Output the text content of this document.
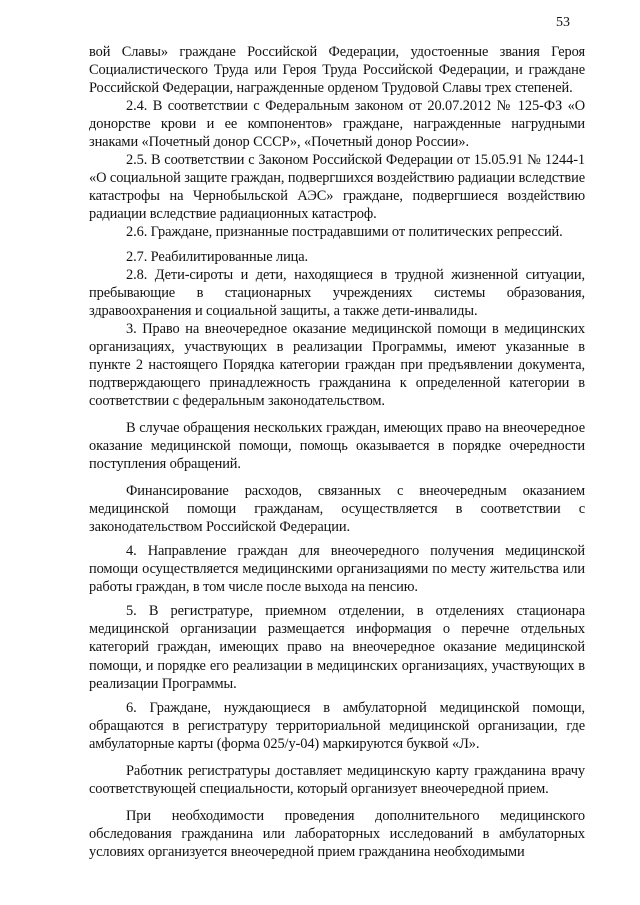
53

вой Славы» граждане Российской Федерации, удостоенные звания Героя Социалистического Труда или Героя Труда Российской Федерации, и граждане Российской Федерации, награжденные орденом Трудовой Славы трех степеней.

2.4. В соответствии с Федеральным законом от 20.07.2012 № 125-ФЗ «О донорстве крови и ее компонентов» граждане, награжденные нагрудными знаками «Почетный донор СССР», «Почетный донор России».

2.5. В соответствии с Законом Российской Федерации от 15.05.91 № 1244-1 «О социальной защите граждан, подвергшихся воздействию радиации вследствие катастрофы на Чернобыльской АЭС» граждане, подвергшиеся воздействию радиации вследствие радиационных катастроф.

2.6. Граждане, признанные пострадавшими от политических репрессий.

2.7. Реабилитированные лица.

2.8. Дети-сироты и дети, находящиеся в трудной жизненной ситуации, пребывающие в стационарных учреждениях системы образования, здравоохранения и социальной защиты, а также дети-инвалиды.

3. Право на внеочередное оказание медицинской помощи в медицинских организациях, участвующих в реализации Программы, имеют указанные в пункте 2 настоящего Порядка категории граждан при предъявлении документа, подтверждающего принадлежность гражданина к определенной категории в соответствии с федеральным законодательством.

В случае обращения нескольких граждан, имеющих право на внеочередное оказание медицинской помощи, помощь оказывается в порядке очередности поступления обращений.

Финансирование расходов, связанных с внеочередным оказанием медицинской помощи гражданам, осуществляется в соответствии с законодательством Российской Федерации.

4. Направление граждан для внеочередного получения медицинской помощи осуществляется медицинскими организациями по месту жительства или работы граждан, в том числе после выхода на пенсию.

5. В регистратуре, приемном отделении, в отделениях стационара медицинской организации размещается информация о перечне отдельных категорий граждан, имеющих право на внеочередное оказание медицинской помощи, и порядке его реализации в медицинских организациях, участвующих в реализации Программы.

6. Граждане, нуждающиеся в амбулаторной медицинской помощи, обращаются в регистратуру территориальной медицинской организации, где амбулаторные карты (форма 025/у-04) маркируются буквой «Л».

Работник регистратуры доставляет медицинскую карту гражданина врачу соответствующей специальности, который организует внеочередной прием.

При необходимости проведения дополнительного медицинского обследования гражданина или лабораторных исследований в амбулаторных условиях организуется внеочередной прием гражданина необходимыми
